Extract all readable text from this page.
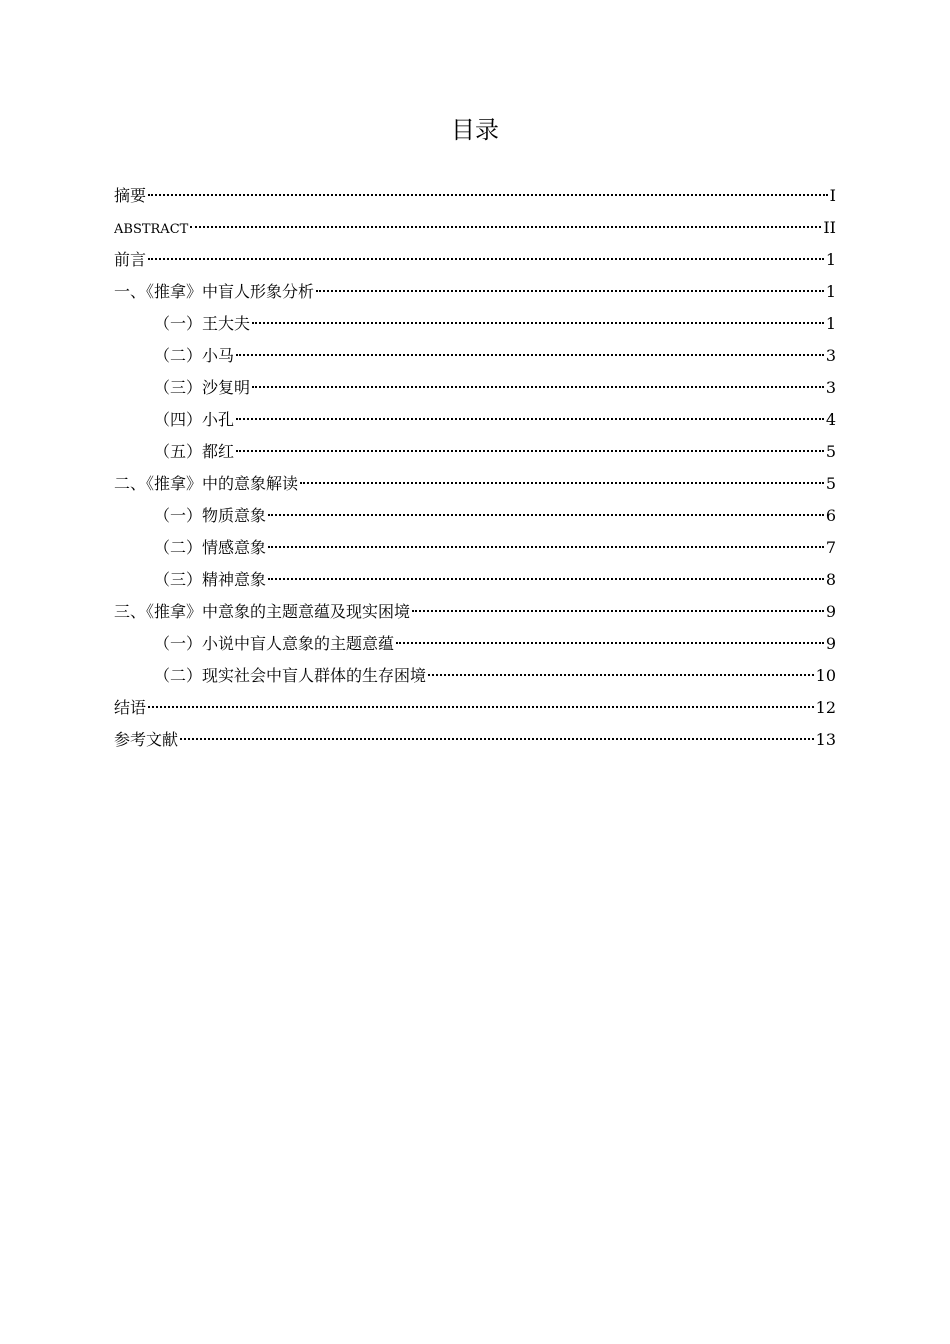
目录
摘要	I
ABSTRACT	II
前言	1
一、《推拿》中盲人形象分析	1
（一）王大夫	1
（二）小马	3
（三）沙复明	3
（四）小孔	4
（五）都红	5
二、《推拿》中的意象解读	5
（一）物质意象	6
（二）情感意象	7
（三）精神意象	8
三、《推拿》中意象的主题意蕴及现实困境	9
（一）小说中盲人意象的主题意蕴	9
（二）现实社会中盲人群体的生存困境	10
结语	12
参考文献	13
